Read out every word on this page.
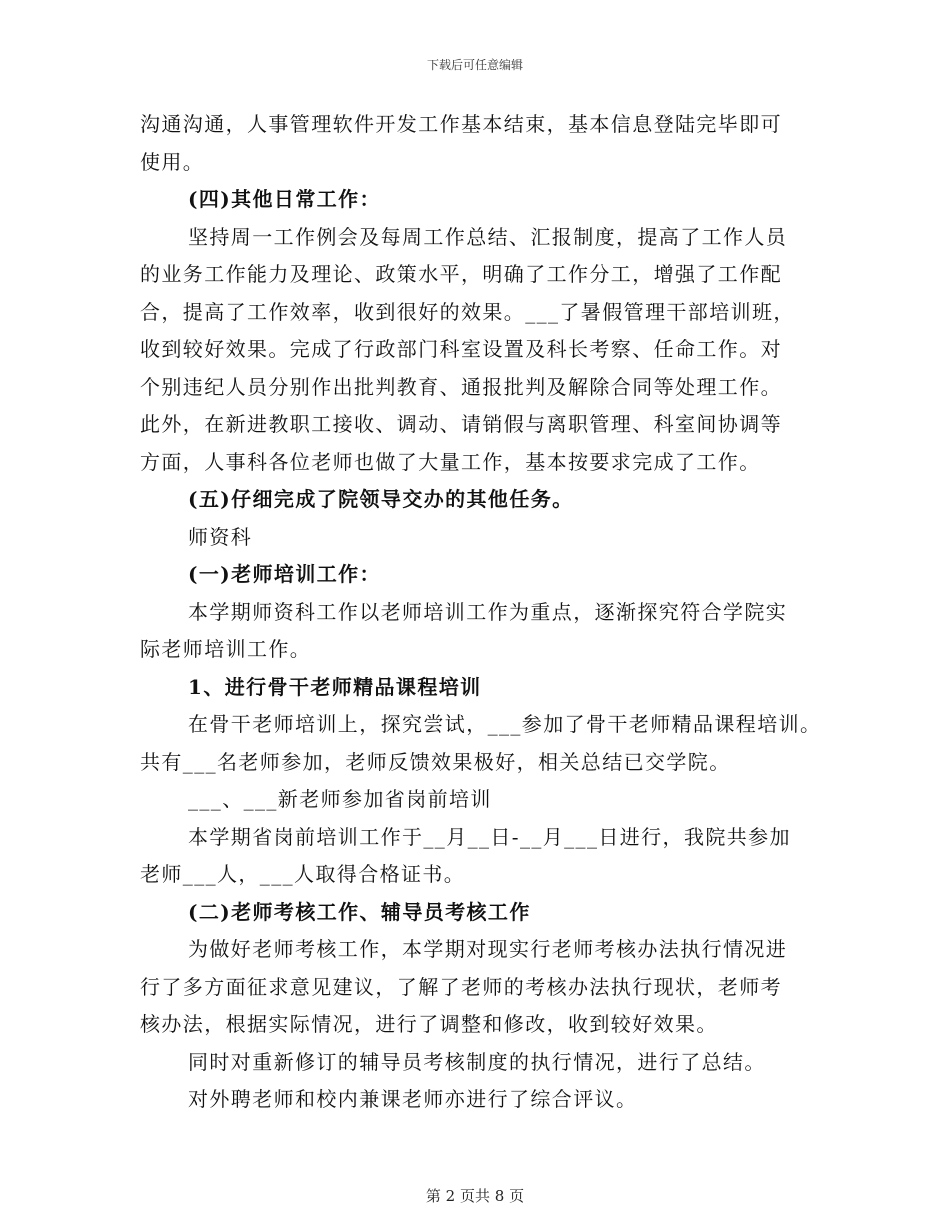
下载后可任意编辑

沟通沟通，人事管理软件开发工作基本结束，基本信息登陆完毕即可

使用。

(四)其他日常工作：

坚持周一工作例会及每周工作总结、汇报制度，提高了工作人员

的业务工作能力及理论、政策水平，明确了工作分工，增强了工作配

合，提高了工作效率，收到很好的效果。___了暑假管理干部培训班，

收到较好效果。完成了行政部门科室设置及科长考察、任命工作。对

个别违纪人员分别作出批判教育、通报批判及解除合同等处理工作。

此外，在新进教职工接收、调动、请销假与离职管理、科室间协调等

方面，人事科各位老师也做了大量工作，基本按要求完成了工作。

(五)仔细完成了院领导交办的其他任务。

师资科

(一)老师培训工作：

本学期师资科工作以老师培训工作为重点，逐渐探究符合学院实

际老师培训工作。

1、进行骨干老师精品课程培训

在骨干老师培训上，探究尝试，___参加了骨干老师精品课程培训。

共有___名老师参加，老师反馈效果极好，相关总结已交学院。

___、___新老师参加省岗前培训

本学期省岗前培训工作于__月__日-__月___日进行，我院共参加

老师___人，___人取得合格证书。

(二)老师考核工作、辅导员考核工作

为做好老师考核工作，本学期对现实行老师考核办法执行情况进

行了多方面征求意见建议，了解了老师的考核办法执行现状，老师考

核办法，根据实际情况，进行了调整和修改，收到较好效果。

同时对重新修订的辅导员考核制度的执行情况，进行了总结。

对外聘老师和校内兼课老师亦进行了综合评议。

第 2 页共 8 页
